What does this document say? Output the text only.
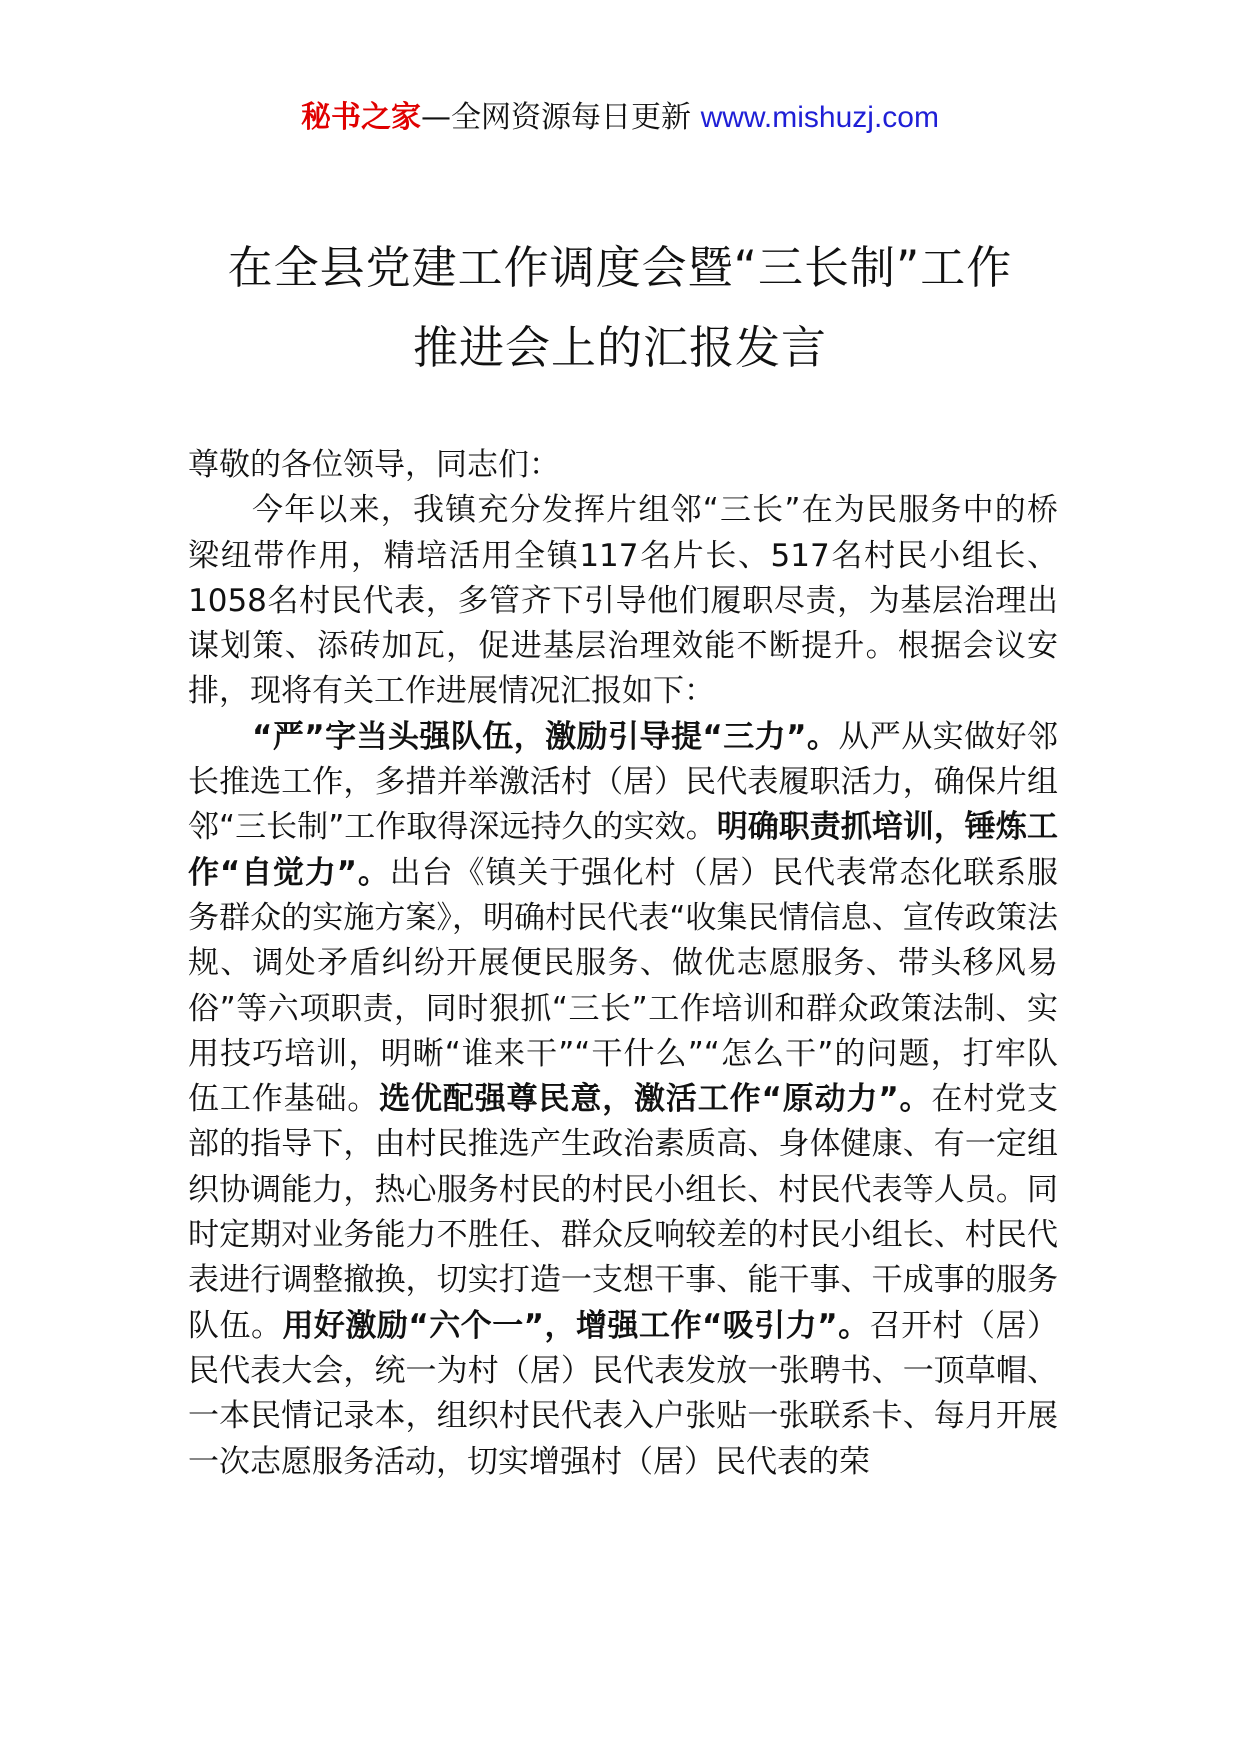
秘书之家—全网资源每日更新 www.mishuzj.com
在全县党建工作调度会暨“三长制”工作
推进会上的汇报发言

尊敬的各位领导，同志们：

今年以来，我镇充分发挥片组邻“三长”在为民服务中的桥梁纽带作用，精培活用全镇117名片长、517名村民小组长、1058名村民代表，多管齐下引导他们履职尽责，为基层治理出谋划策、添砖加瓦，促进基层治理效能不断提升。根据会议安排，现将有关工作进展情况汇报如下：

“严”字当头强队伍，激励引导提“三力”。从严从实做好邻长推选工作，多措并举激活村（居）民代表履职活力，确保片组邻“三长制”工作取得深远持久的实效。明确职责抓培训，锤炼工作“自觉力”。出台《镇关于强化村（居）民代表常态化联系服务群众的实施方案》，明确村民代表“收集民情信息、宣传政策法规、调处矛盾纠纷开展便民服务、做优志愿服务、带头移风易俗”等六项职责，同时狠抓“三长”工作培训和群众政策法制、实用技巧培训，明晰“谁来干”“干什么”“怎么干”的问题，打牢队伍工作基础。选优配强尊民意，激活工作“原动力”。在村党支部的指导下，由村民推选产生政治素质高、身体健康、有一定组织协调能力，热心服务村民的村民小组长、村民代表等人员。同时定期对业务能力不胜任、群众反响较差的村民小组长、村民代表进行调整撤换，切实打造一支想干事、能干事、干成事的服务队伍。用好激励“六个一”，增强工作“吸引力”。召开村（居）民代表大会，统一为村（居）民代表发放一张聘书、一顶草帽、一本民情记录本，组织村民代表入户张贴一张联系卡、每月开展一次志愿服务活动，切实增强村（居）民代表的荣
